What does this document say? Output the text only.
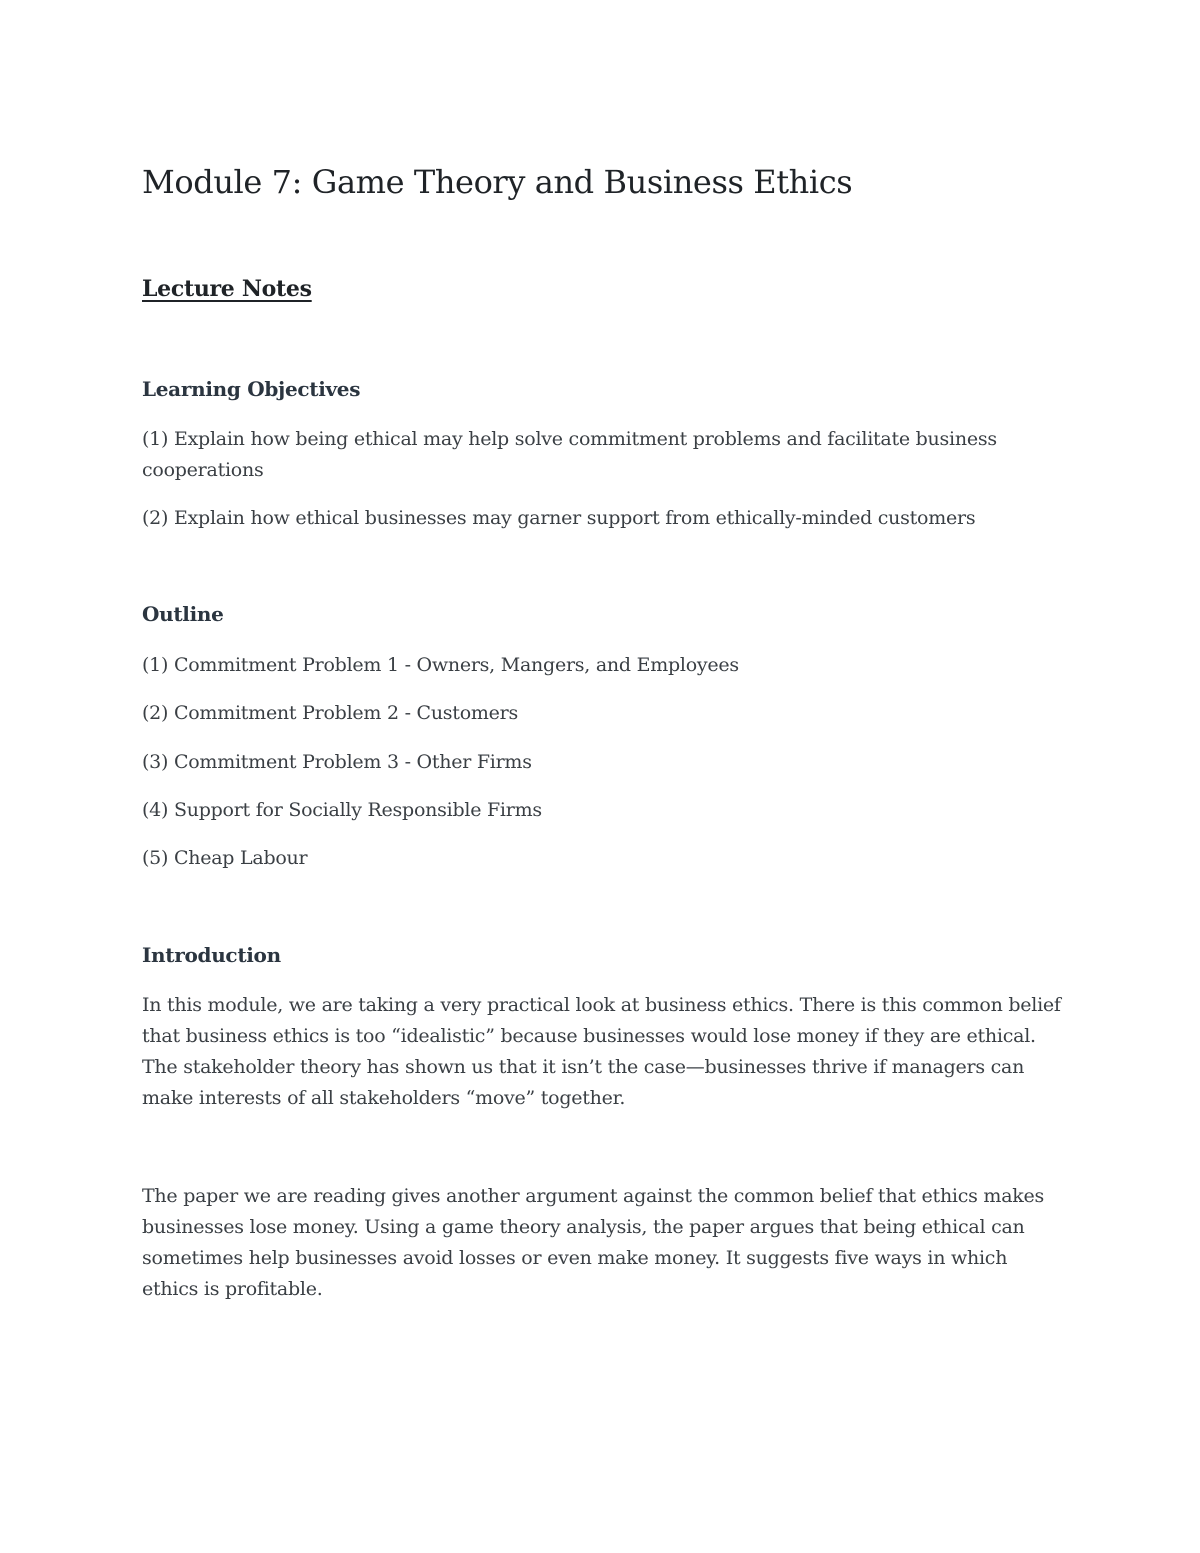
Module 7: Game Theory and Business Ethics
Lecture Notes
Learning Objectives

(1) Explain how being ethical may help solve commitment problems and facilitate business cooperations

(2) Explain how ethical businesses may garner support from ethically-minded customers

Outline

(1) Commitment Problem 1 - Owners, Mangers, and Employees

(2) Commitment Problem 2 - Customers

(3) Commitment Problem 3 - Other Firms

(4) Support for Socially Responsible Firms

(5) Cheap Labour

Introduction

In this module, we are taking a very practical look at business ethics. There is this common belief that business ethics is too “idealistic” because businesses would lose money if they are ethical. The stakeholder theory has shown us that it isn’t the case—businesses thrive if managers can make interests of all stakeholders “move” together.

The paper we are reading gives another argument against the common belief that ethics makes businesses lose money. Using a game theory analysis, the paper argues that being ethical can sometimes help businesses avoid losses or even make money. It suggests five ways in which ethics is profitable.
